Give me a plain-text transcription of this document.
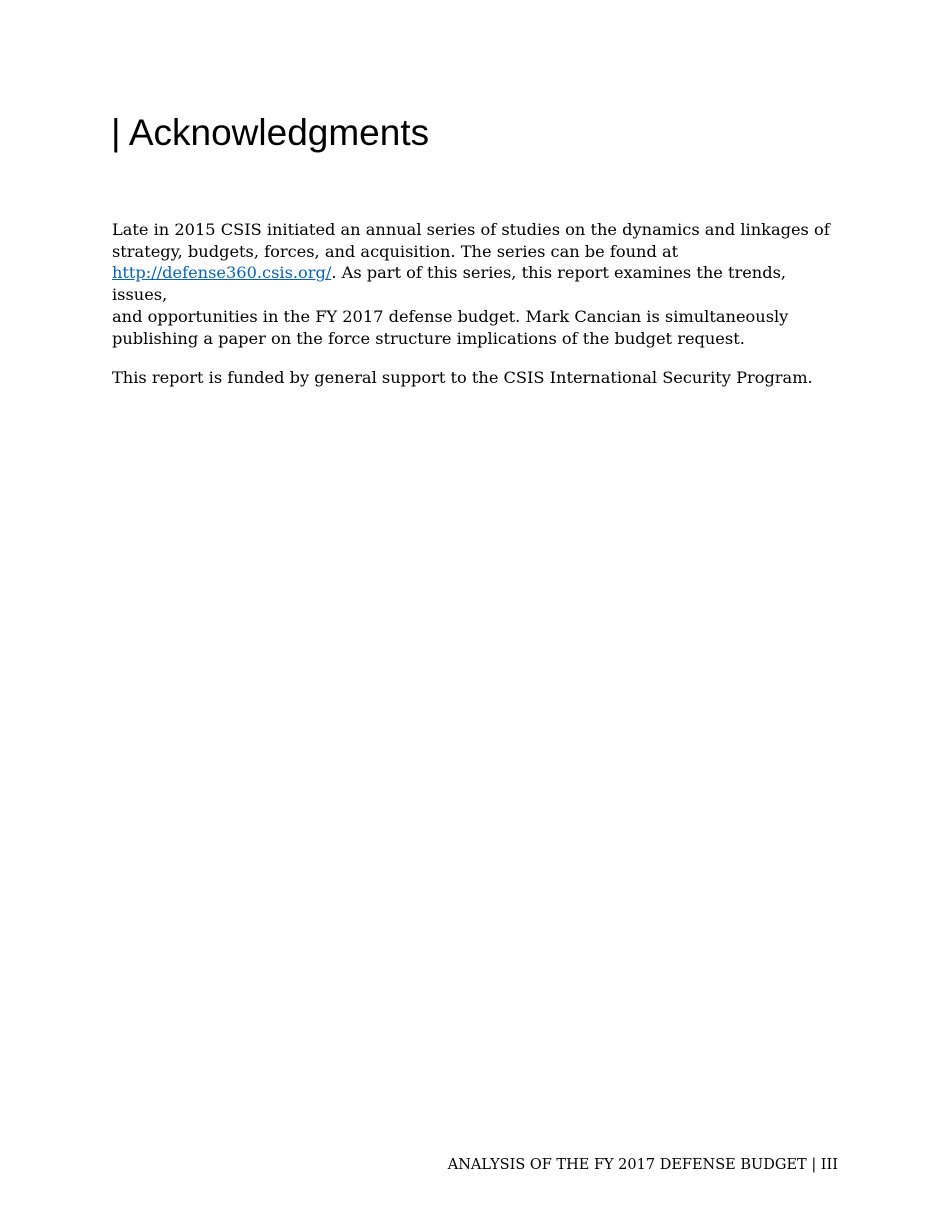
| Acknowledgments

Late in 2015 CSIS initiated an annual series of studies on the dynamics and linkages of
strategy, budgets, forces, and acquisition. The series can be found at
http://defense360.csis.org/. As part of this series, this report examines the trends, issues,
and opportunities in the FY 2017 defense budget. Mark Cancian is simultaneously
publishing a paper on the force structure implications of the budget request.

This report is funded by general support to the CSIS International Security Program.

ANALYSIS OF THE FY 2017 DEFENSE BUDGET | III
